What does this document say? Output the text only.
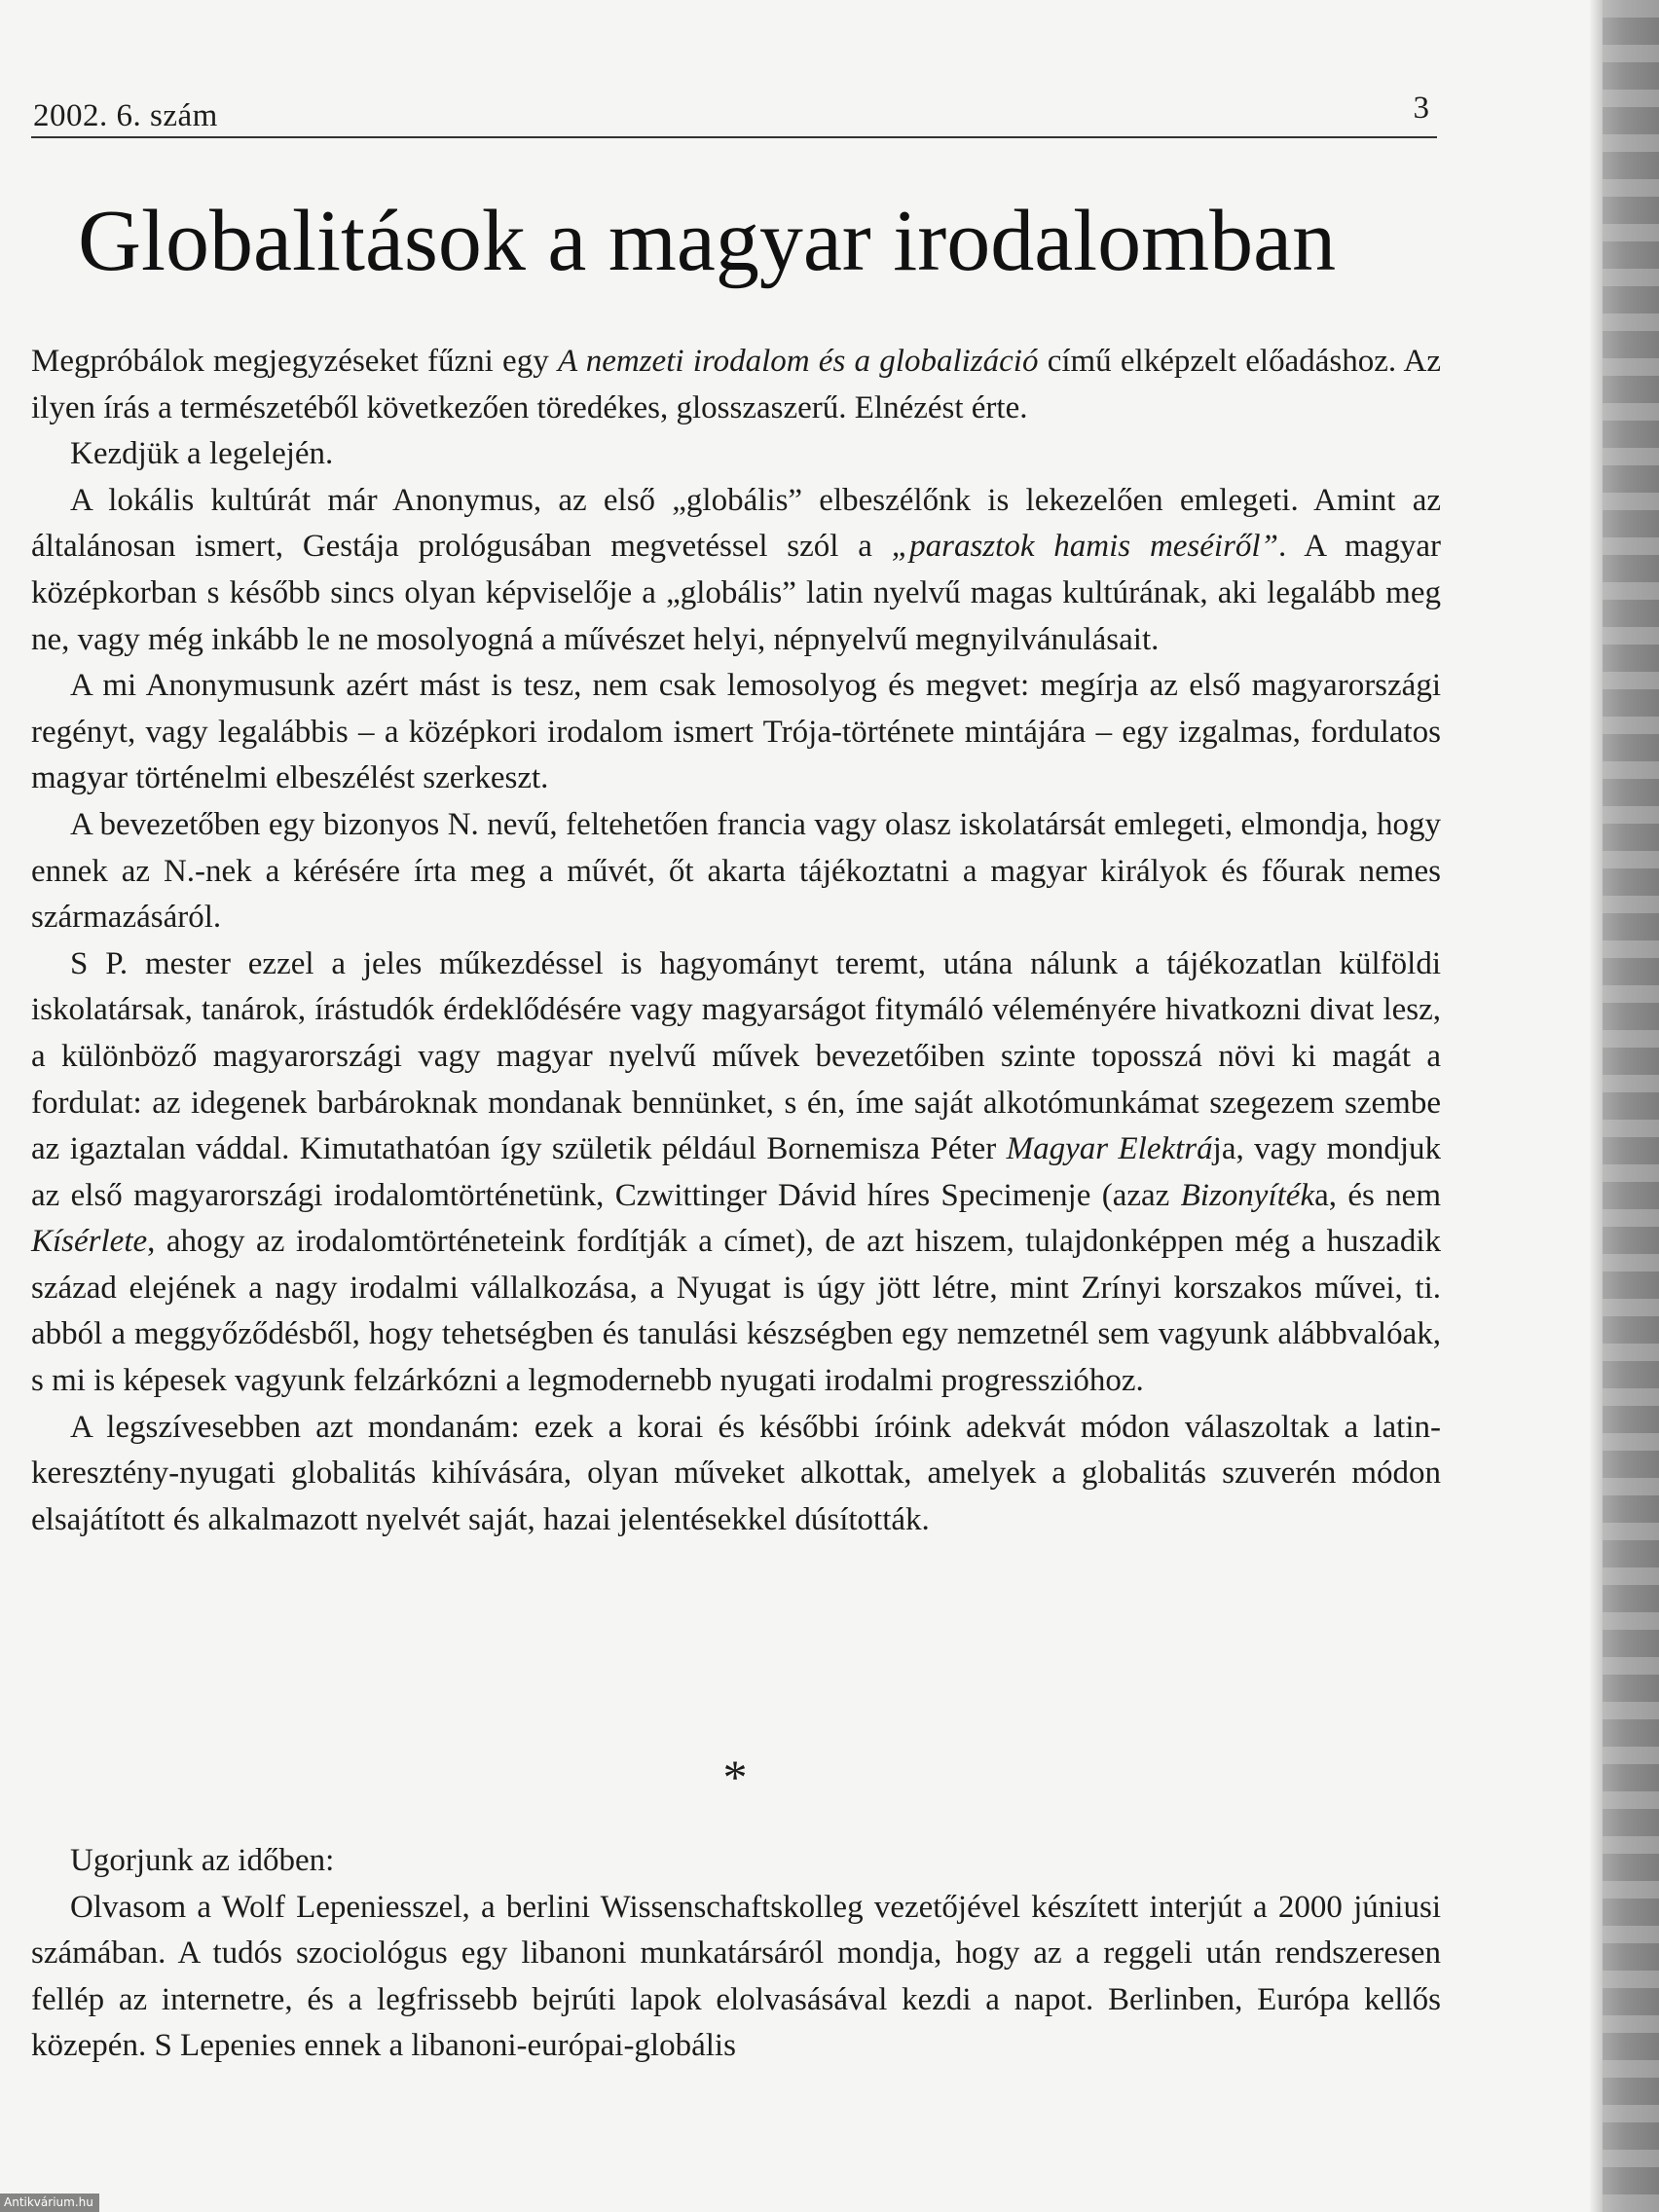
2002. 6. szám	3
Globalitások a magyar irodalomban

Megpróbálok megjegyzéseket fűzni egy A nemzeti irodalom és a globalizáció című elképzelt előadáshoz. Az ilyen írás a természetéből következően töredékes, glosszaszerű. Elnézést érte.

Kezdjük a legelején.

A lokális kultúrát már Anonymus, az első „globális” elbeszélőnk is lekezelően emlegeti. Amint az általánosan ismert, Gestája prológusában megvetéssel szól a „parasztok hamis meséiről”. A magyar középkorban s később sincs olyan képviselője a „globális” latin nyelvű magas kultúrának, aki legalább meg ne, vagy még inkább le ne mosolyogná a művészet helyi, népnyelvű megnyilvánulásait.

A mi Anonymusunk azért mást is tesz, nem csak lemosolyog és megvet: megírja az első magyarországi regényt, vagy legalábbis – a középkori irodalom ismert Trója-története mintájára – egy izgalmas, fordulatos magyar történelmi elbeszélést szerkeszt.

A bevezetőben egy bizonyos N. nevű, feltehetően francia vagy olasz iskolatársát emlegeti, elmondja, hogy ennek az N.-nek a kérésére írta meg a művét, őt akarta tájékoztatni a magyar királyok és főurak nemes származásáról.

S P. mester ezzel a jeles műkezdéssel is hagyományt teremt, utána nálunk a tájékozatlan külföldi iskolatársak, tanárok, írástudók érdeklődésére vagy magyarságot fitymáló véleményére hivatkozni divat lesz, a különböző magyarországi vagy magyar nyelvű művek bevezetőiben szinte toposszá növi ki magát a fordulat: az idegenek barbároknak mondanak bennünket, s én, íme saját alkotómunkámat szegezem szembe az igaztalan váddal. Kimutathatóan így születik például Bornemisza Péter Magyar Elektrája, vagy mondjuk az első magyarországi irodalomtörténetünk, Czwittinger Dávid híres Specimenje (azaz Bizonyítéka, és nem Kísérlete, ahogy az irodalomtörténeteink fordítják a címet), de azt hiszem, tulajdonképpen még a huszadik század elejének a nagy irodalmi vállalkozása, a Nyugat is úgy jött létre, mint Zrínyi korszakos művei, ti. abból a meggyőződésből, hogy tehetségben és tanulási készségben egy nemzetnél sem vagyunk alábbvalóak, s mi is képesek vagyunk felzárkózni a legmodernebb nyugati irodalmi progresszióhoz.

A legszívesebben azt mondanám: ezek a korai és későbbi íróink adekvát módon válaszoltak a latin-keresztény-nyugati globalitás kihívására, olyan műveket alkottak, amelyek a globalitás szuverén módon elsajátított és alkalmazott nyelvét saját, hazai jelentésekkel dúsították.

*

Ugorjunk az időben:

Olvasom a Wolf Lepeniesszel, a berlini Wissenschaftskolleg vezetőjével készített interjút a 2000 júniusi számában. A tudós szociológus egy libanoni munkatársáról mondja, hogy az a reggeli után rendszeresen fellép az internetre, és a legfrissebb bejrúti lapok elolvasásával kezdi a napot. Berlinben, Európa kellős közepén. S Lepenies ennek a libanoni-európai-globális

Antikvárium.hu
